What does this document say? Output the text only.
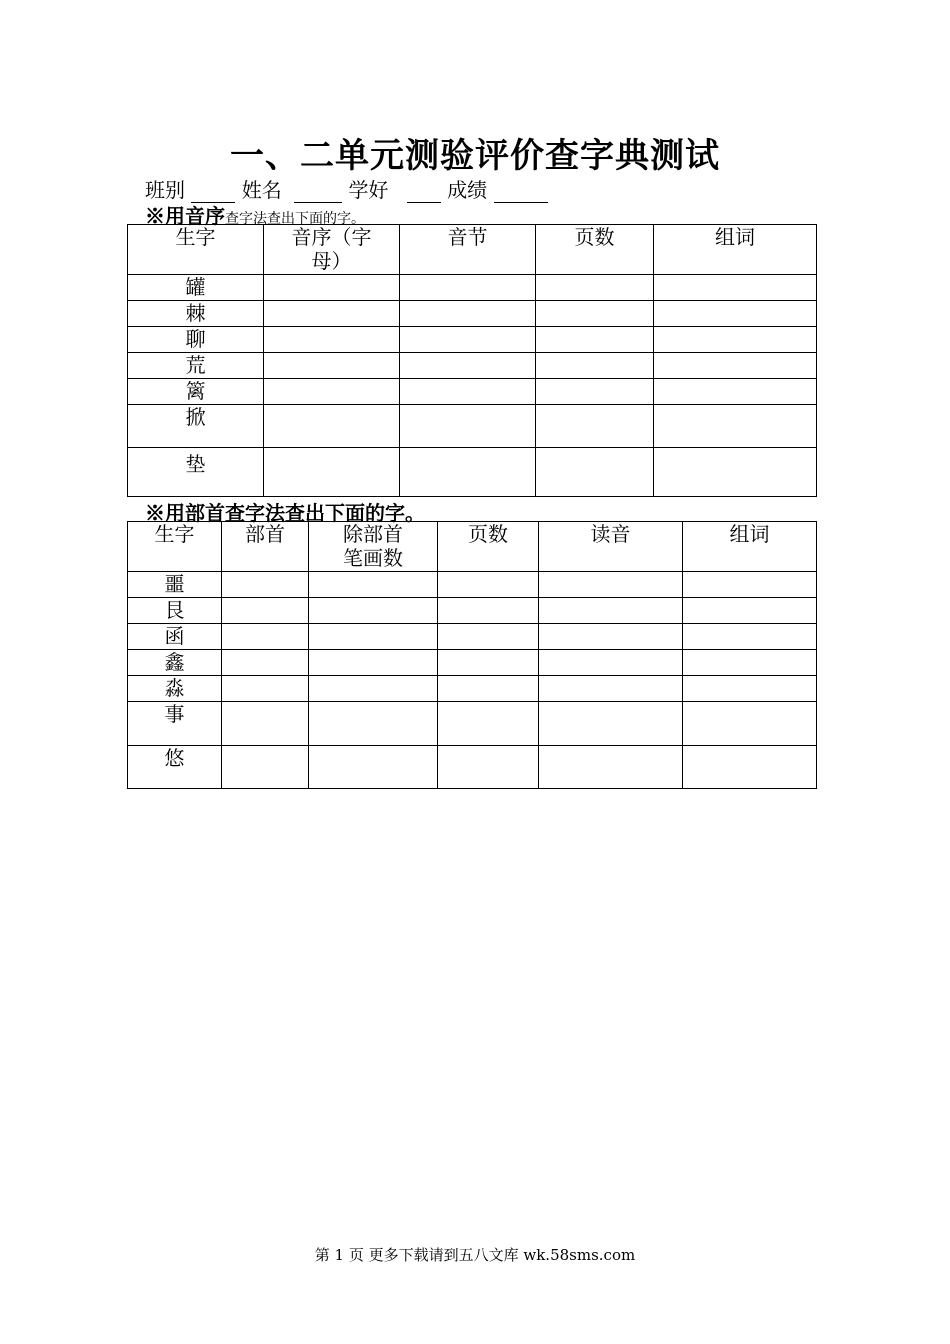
一、二单元测验评价查字典测试
班别	姓名	学好	成绩
※用音序查字法查出下面的字。
生字	音序（字母）	音节	页数	组词
罐				
棘				
聊				
荒				
篱				
掀				
垫				
※用部首查字法查出下面的字。
生字	部首	除部首笔画数	页数	读音	组词
噩					
艮					
函					
鑫					
淼					
事					
悠					
第 1 页 更多下载请到五八文库 wk.58sms.com
